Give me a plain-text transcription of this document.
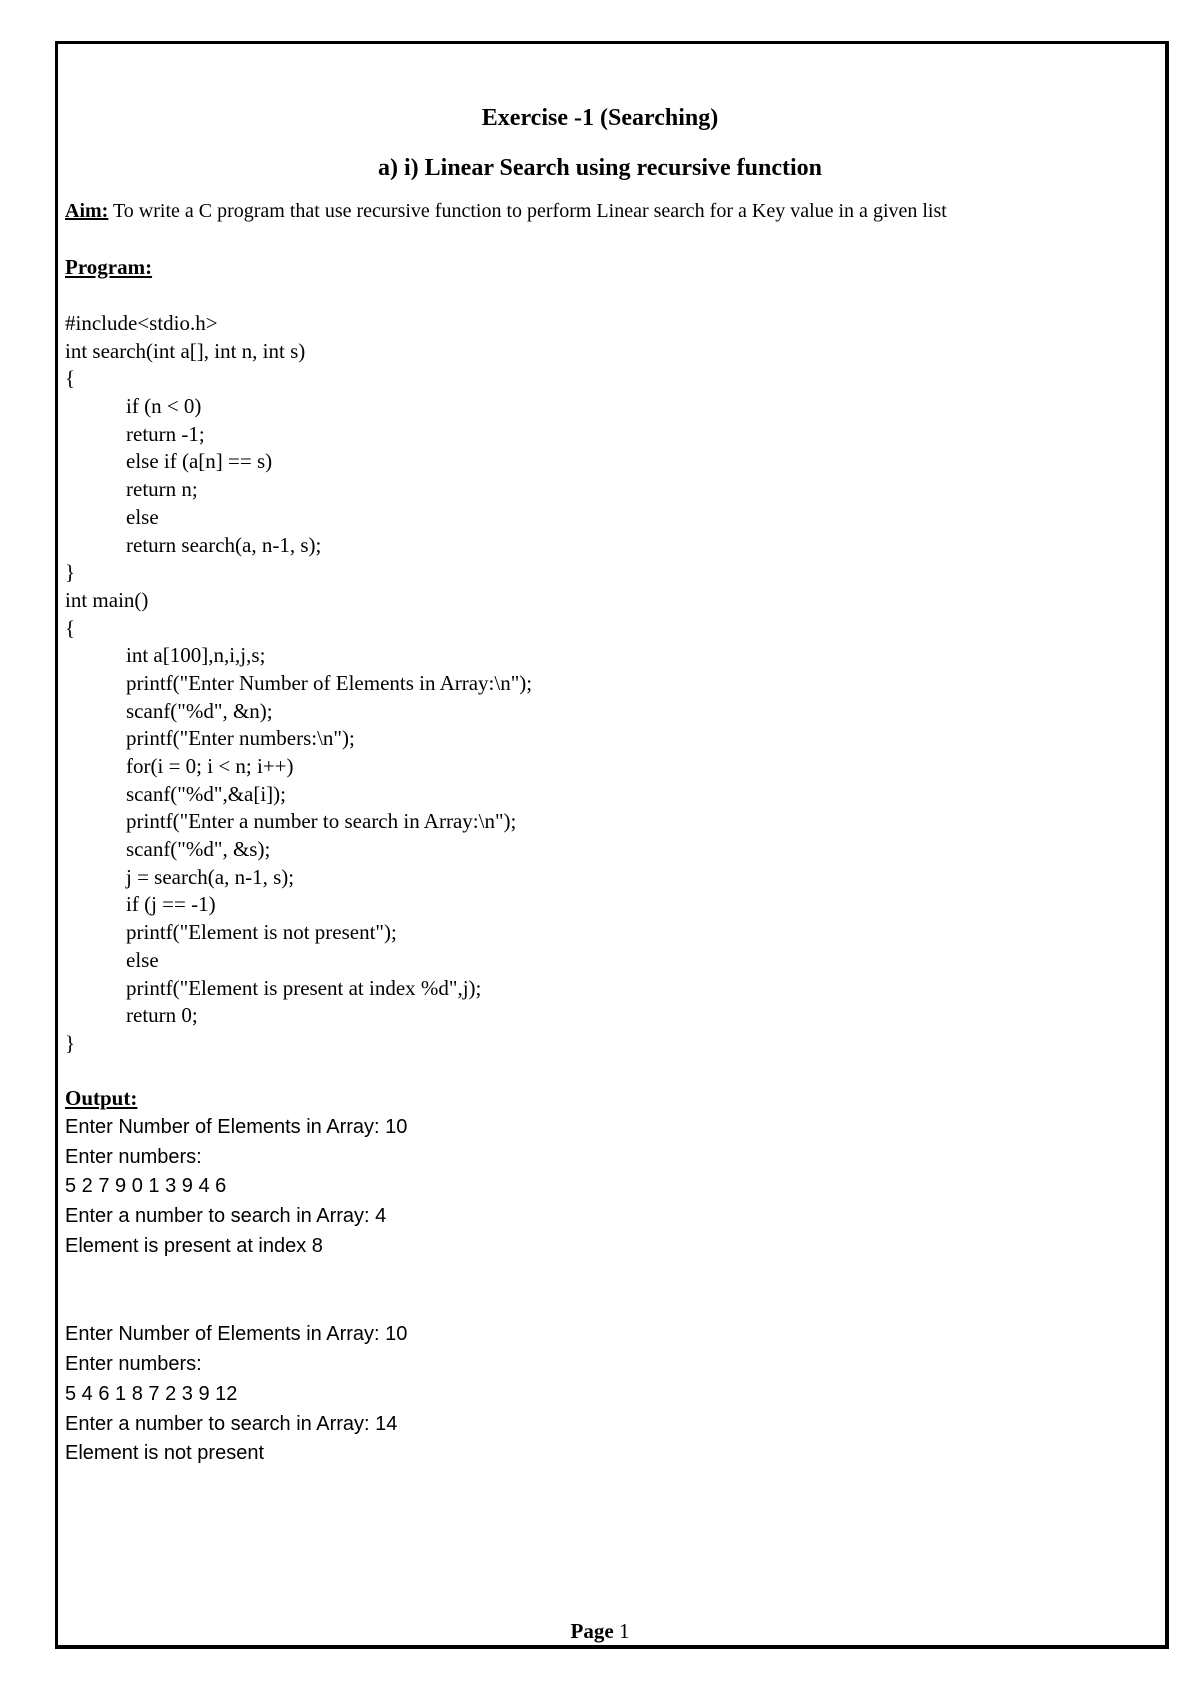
Exercise -1 (Searching)
a) i) Linear Search using recursive function
Aim: To write a C program that use recursive function to perform Linear search for a Key value in a given list
Program:
#include<stdio.h>
int search(int a[], int n, int s)
{
if (n < 0)
return -1;
else if (a[n] == s)
return n;
else
return search(a, n-1, s);
}
int main()
{
int a[100],n,i,j,s;
printf("Enter Number of Elements in Array:\n");
scanf("%d", &n);
printf("Enter numbers:\n");
for(i = 0; i < n; i++)
scanf("%d",&a[i]);
printf("Enter a number to search in Array:\n");
scanf("%d", &s);
j = search(a, n-1, s);
if (j == -1)
printf("Element is not present");
else
printf("Element is present at index %d",j);
return 0;
}
Output:
Enter Number of Elements in Array: 10
Enter numbers:
5 2 7 9 0 1 3 9 4 6
Enter a number to search in Array: 4
Element is present at index 8
Enter Number of Elements in Array: 10
Enter numbers:
5 4 6 1 8 7 2 3 9 12
Enter a number to search in Array: 14
Element is not present
Page 1
